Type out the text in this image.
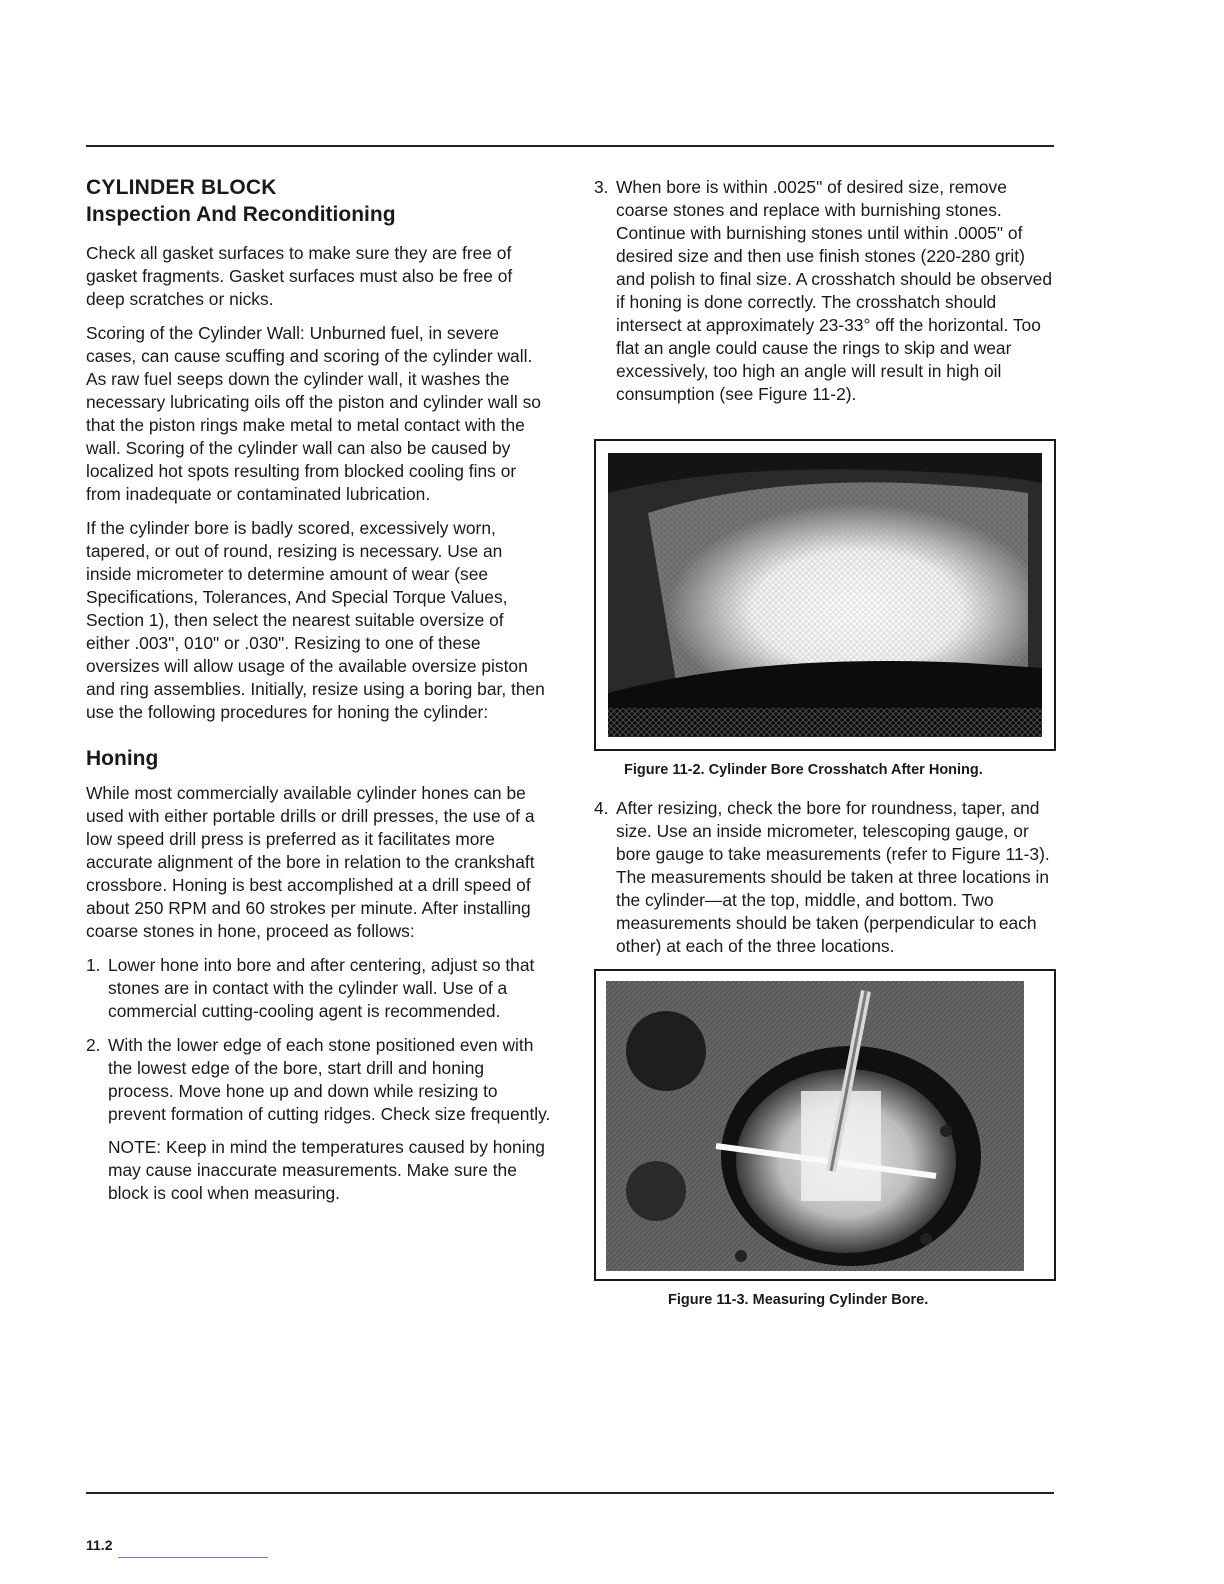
CYLINDER BLOCK
Inspection And Reconditioning

Check all gasket surfaces to make sure they are free of gasket fragments. Gasket surfaces must also be free of deep scratches or nicks.

Scoring of the Cylinder Wall: Unburned fuel, in severe cases, can cause scuffing and scoring of the cylinder wall. As raw fuel seeps down the cylinder wall, it washes the necessary lubricating oils off the piston and cylinder wall so that the piston rings make metal to metal contact with the wall. Scoring of the cylinder wall can also be caused by localized hot spots resulting from blocked cooling fins or from inadequate or contaminated lubrication.

If the cylinder bore is badly scored, excessively worn, tapered, or out of round, resizing is necessary. Use an inside micrometer to determine amount of wear (see Specifications, Tolerances, And Special Torque Values, Section 1), then select the nearest suitable oversize of either .003", 010" or .030". Resizing to one of these oversizes will allow usage of the available oversize piston and ring assemblies. Initially, resize using a boring bar, then use the following procedures for honing the cylinder:

Honing

While most commercially available cylinder hones can be used with either portable drills or drill presses, the use of a low speed drill press is preferred as it facilitates more accurate alignment of the bore in relation to the crankshaft crossbore. Honing is best accomplished at a drill speed of about 250 RPM and 60 strokes per minute. After installing coarse stones in hone, proceed as follows:

1. Lower hone into bore and after centering, adjust so that stones are in contact with the cylinder wall. Use of a commercial cutting-cooling agent is recommended.
2. With the lower edge of each stone positioned even with the lowest edge of the bore, start drill and honing process. Move hone up and down while resizing to prevent formation of cutting ridges. Check size frequently.
NOTE: Keep in mind the temperatures caused by honing may cause inaccurate measurements. Make sure the block is cool when measuring.
3. When bore is within .0025" of desired size, remove coarse stones and replace with burnishing stones. Continue with burnishing stones until within .0005" of desired size and then use finish stones (220-280 grit) and polish to final size. A crosshatch should be observed if honing is done correctly. The crosshatch should intersect at approximately 23-33° off the horizontal. Too flat an angle could cause the rings to skip and wear excessively, too high an angle will result in high oil consumption (see Figure 11-2).
Figure 11-2. Cylinder Bore Crosshatch After Honing.
4. After resizing, check the bore for roundness, taper, and size. Use an inside micrometer, telescoping gauge, or bore gauge to take measurements (refer to Figure 11-3). The measurements should be taken at three locations in the cylinder—at the top, middle, and bottom. Two measurements should be taken (perpendicular to each other) at each of the three locations.
Figure 11-3. Measuring Cylinder Bore.
11.2
